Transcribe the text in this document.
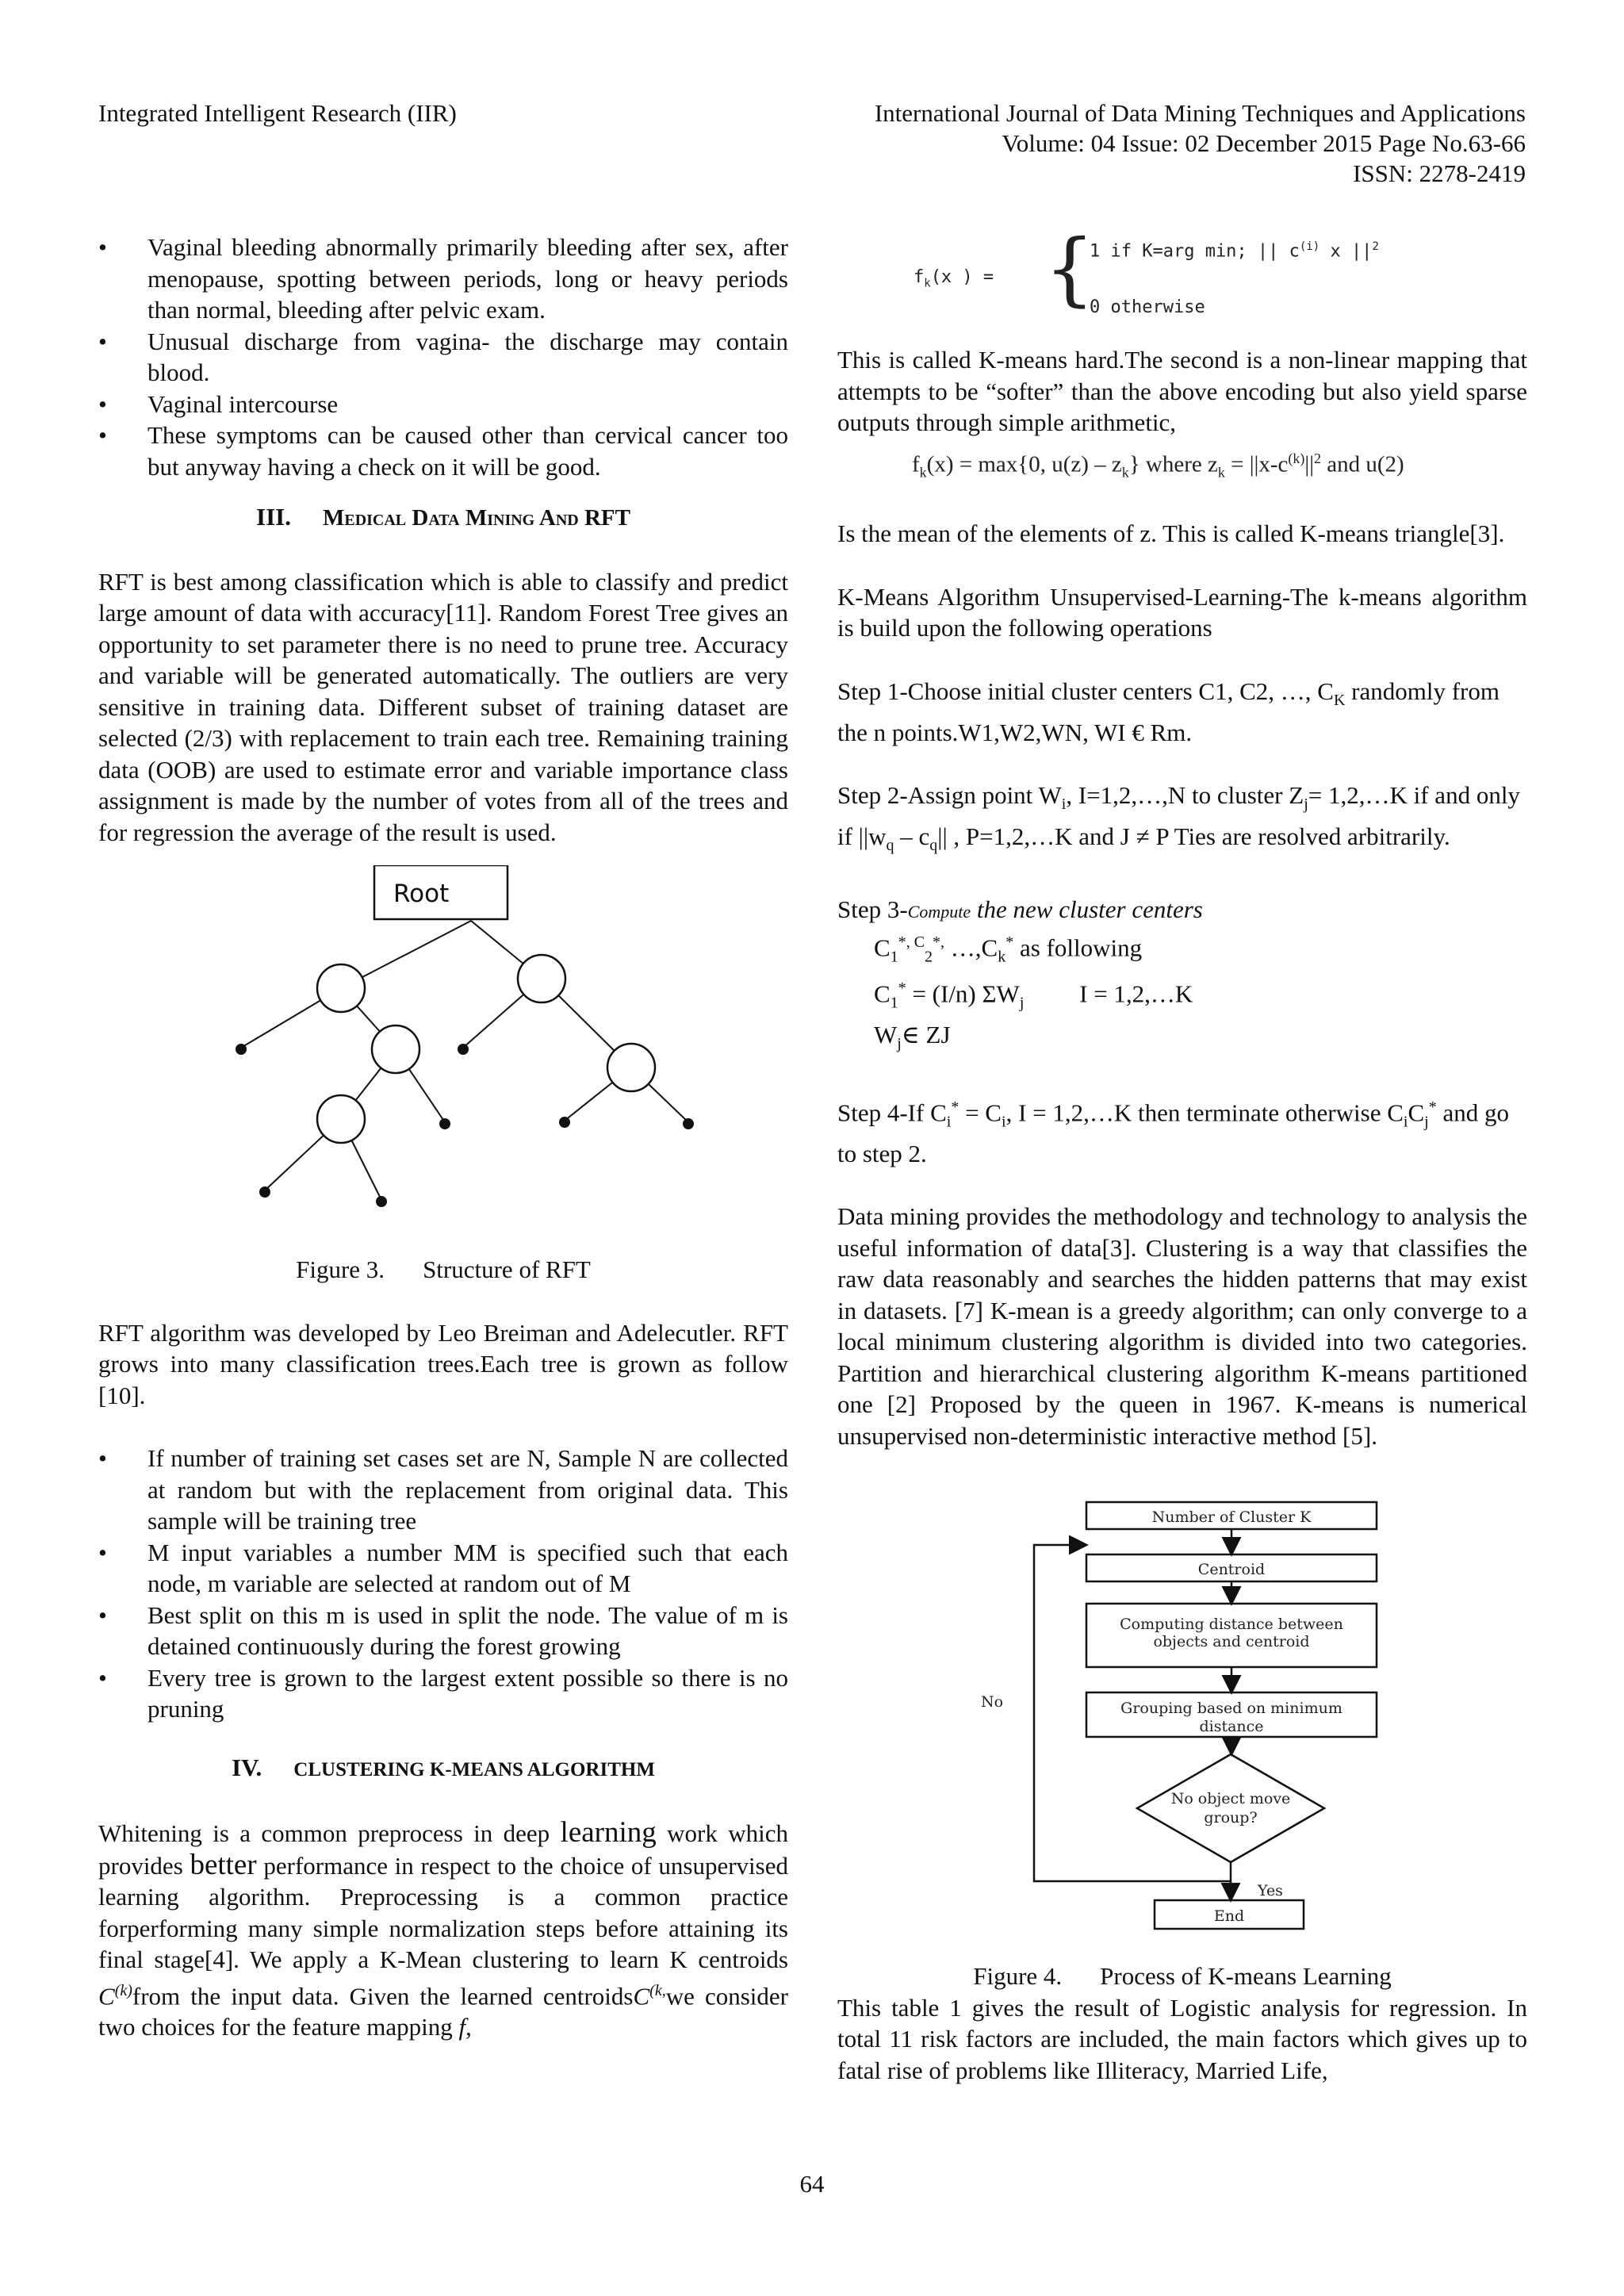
Integrated Intelligent Research (IIR)	International Journal of Data Mining Techniques and Applications
Volume: 04 Issue: 02 December 2015 Page No.63-66
ISSN: 2278-2419

• Vaginal bleeding abnormally primarily bleeding after sex, after menopause, spotting between periods, long or heavy periods than normal, bleeding after pelvic exam.

• Unusual discharge from vagina- the discharge may contain blood.

• Vaginal intercourse

• These symptoms can be caused other than cervical cancer too but anyway having a check on it will be good.

III. Medical Data Mining And RFT

RFT is best among classification which is able to classify and predict large amount of data with accuracy[11]. Random Forest Tree gives an opportunity to set parameter there is no need to prune tree. Accuracy and variable will be generated automatically. The outliers are very sensitive in training data. Different subset of training dataset are selected (2/3) with replacement to train each tree. Remaining training data (OOB) are used to estimate error and variable importance class assignment is made by the number of votes from all of the trees and for regression the average of the result is used.

Root

Figure 3. Structure of RFT

RFT algorithm was developed by Leo Breiman and Adelecutler. RFT grows into many classification trees.Each tree is grown as follow [10].

• If number of training set cases set are N, Sample N are collected at random but with the replacement from original data. This sample will be training tree

• M input variables a number MM is specified such that each node, m variable are selected at random out of M

• Best split on this m is used in split the node. The value of m is detained continuously during the forest growing

• Every tree is grown to the largest extent possible so there is no pruning

IV. CLUSTERING K-MEANS ALGORITHM

Whitening is a common preprocess in deep learning work which provides better performance in respect to the choice of unsupervised learning algorithm. Preprocessing is a common practice forperforming many simple normalization steps before attaining its final stage[4]. We apply a K-Mean clustering to learn K centroids $C^{(k)}from$ the input data. Given the learned centroidsC$^{(k,}$we consider two choices for the feature mapping f,

$f_k(x$ ) = {
1 if K=arg min; || $c^{(i)}$ x $||^2$
0 otherwise

This is called K-means hard.The second is a non-linear mapping that attempts to be “softer” than the above encoding but also yield sparse outputs through simple arithmetic,

$f_k(x) = \max\{0$, $u(z) - z_k$} where $z_k = ||x-c^{(k)}||^2$ and u(2)

Is the mean of the elements of z. This is called K-means triangle[3].

K-Means Algorithm Unsupervised-Learning-The k-means algorithm is build upon the following operations

Step 1-Choose initial cluster centers C1, C2, …, $C_K$ randomly from the n points.W1,W2,WN, WI € Rm.

Step 2-Assign point $W_i$, I=1,2,…,N to cluster $Z_j=$ 1,2,…K if and only if $||w_q - c_q||$ , P=1,2,…K and J ≠ P Ties are resolved arbitrarily.

Step 3-Compute the new cluster centers
$C_1^{*, C}_2^{*,}$ $\dots,C_k^*$ as following
$C_1^* = (I/n)$ $\Sigma W_j$         I = 1,2,…K
$W_j\in$ ZJ

Step 4-If $C_i^* = C_i$, I = 1,2,…K then terminate otherwise $C_iC_j^*$ and go to step 2.

Data mining provides the methodology and technology to analysis the useful information of data[3]. Clustering is a way that classifies the raw data reasonably and searches the hidden patterns that may exist in datasets. [7] K-mean is a greedy algorithm; can only converge to a local minimum clustering algorithm is divided into two categories. Partition and hierarchical clustering algorithm K-means partitioned one [2] Proposed by the queen in 1967. K-means is numerical unsupervised non-deterministic interactive method [5].

Number of Cluster K
Centroid
Computing distance between
objects and centroid
Grouping based on minimum
distance
No object move
group?
No
Yes
End

Figure 4. Process of K-means Learning

This table 1 gives the result of Logistic analysis for regression. In total 11 risk factors are included, the main factors which gives up to fatal rise of problems like Illiteracy, Married Life,

64
